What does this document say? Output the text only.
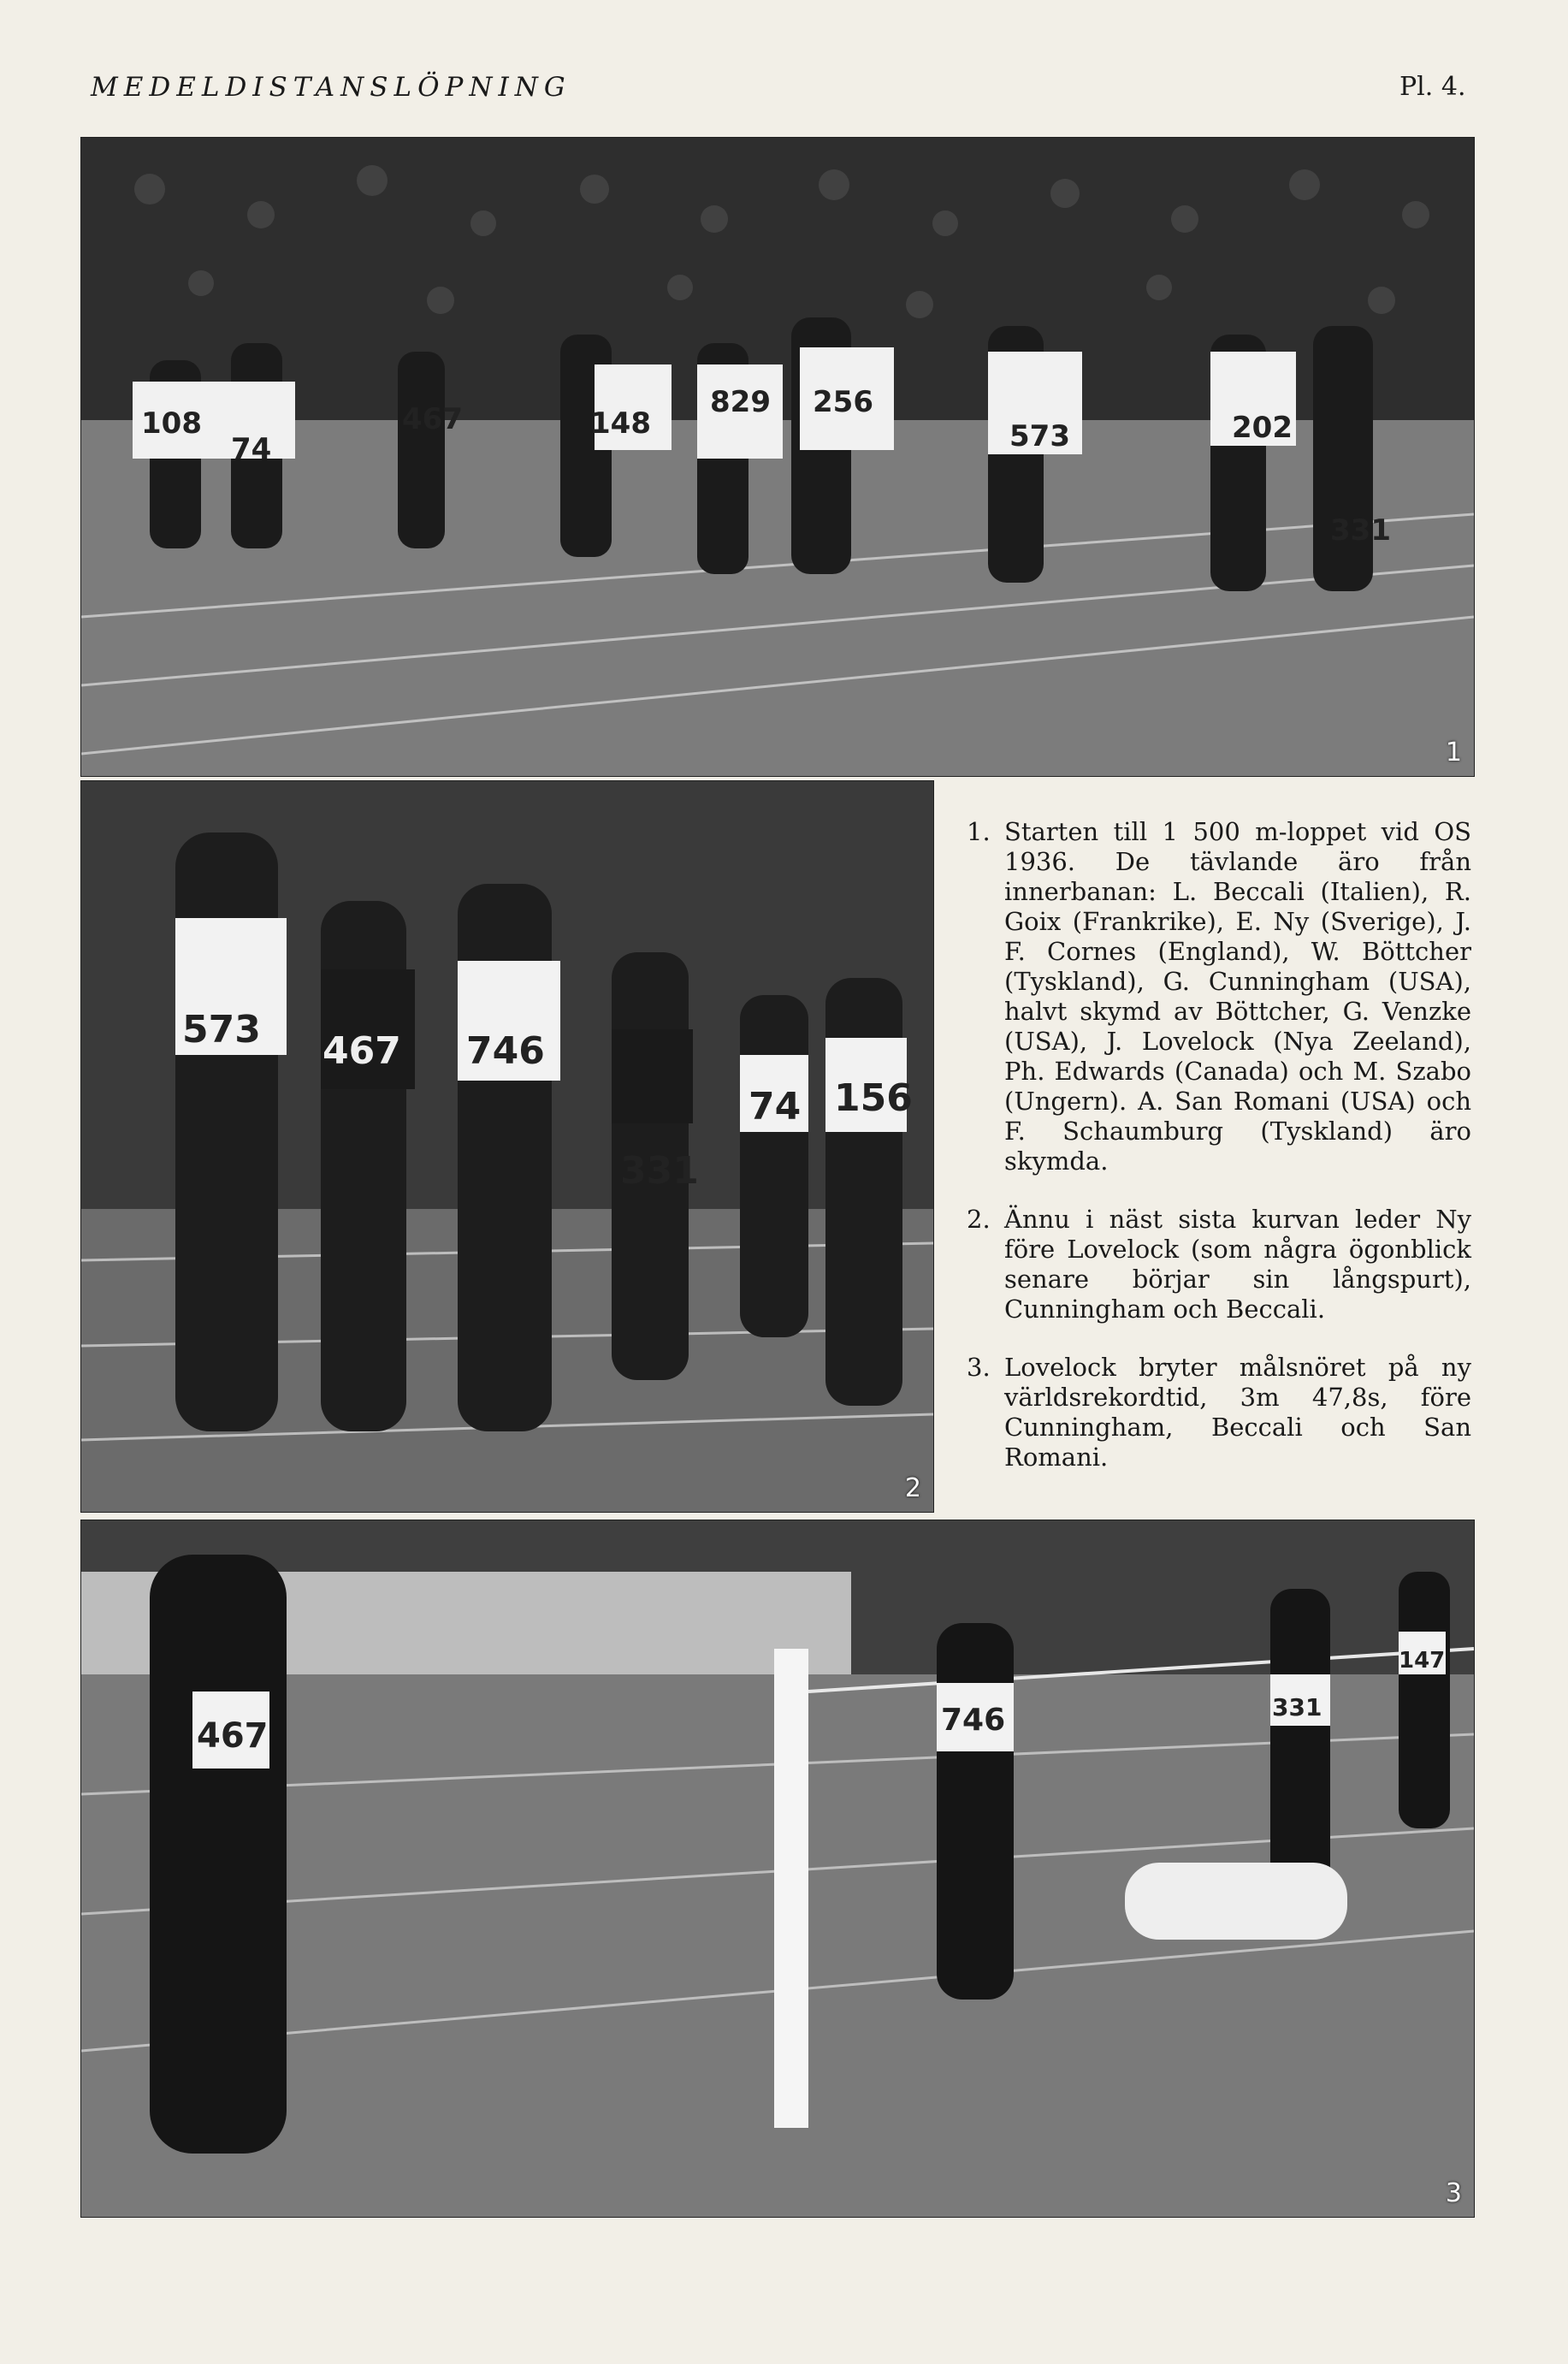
MEDELDISTANSLÖPNING	Pl. 4.
108
74
467	148
829 256
573	202
331
1
573 467 746
331
74 156
2
1. Starten till 1 500 m-loppet vid OS 1936. De tävlande äro från innerbanan: L. Beccali (Italien), R. Goix (Frankrike), E. Ny (Sverige), J. F. Cornes (England), W. Böttcher (Tyskland), G. Cunningham (USA), halvt skymd av Böttcher, G. Venzke (USA), J. Lovelock (Nya Zeeland), Ph. Edwards (Canada) och M. Szabo (Ungern). A. San Romani (USA) och F. Schaumburg (Tyskland) äro skymda.
2. Ännu i näst sista kurvan leder Ny före Lovelock (som några ögonblick senare börjar sin långspurt), Cunningham och Beccali.
3. Lovelock bryter målsnöret på ny världsrekordtid, 3m 47,8s, före Cunningham, Beccali och San Romani.
467	746	331
147
3
